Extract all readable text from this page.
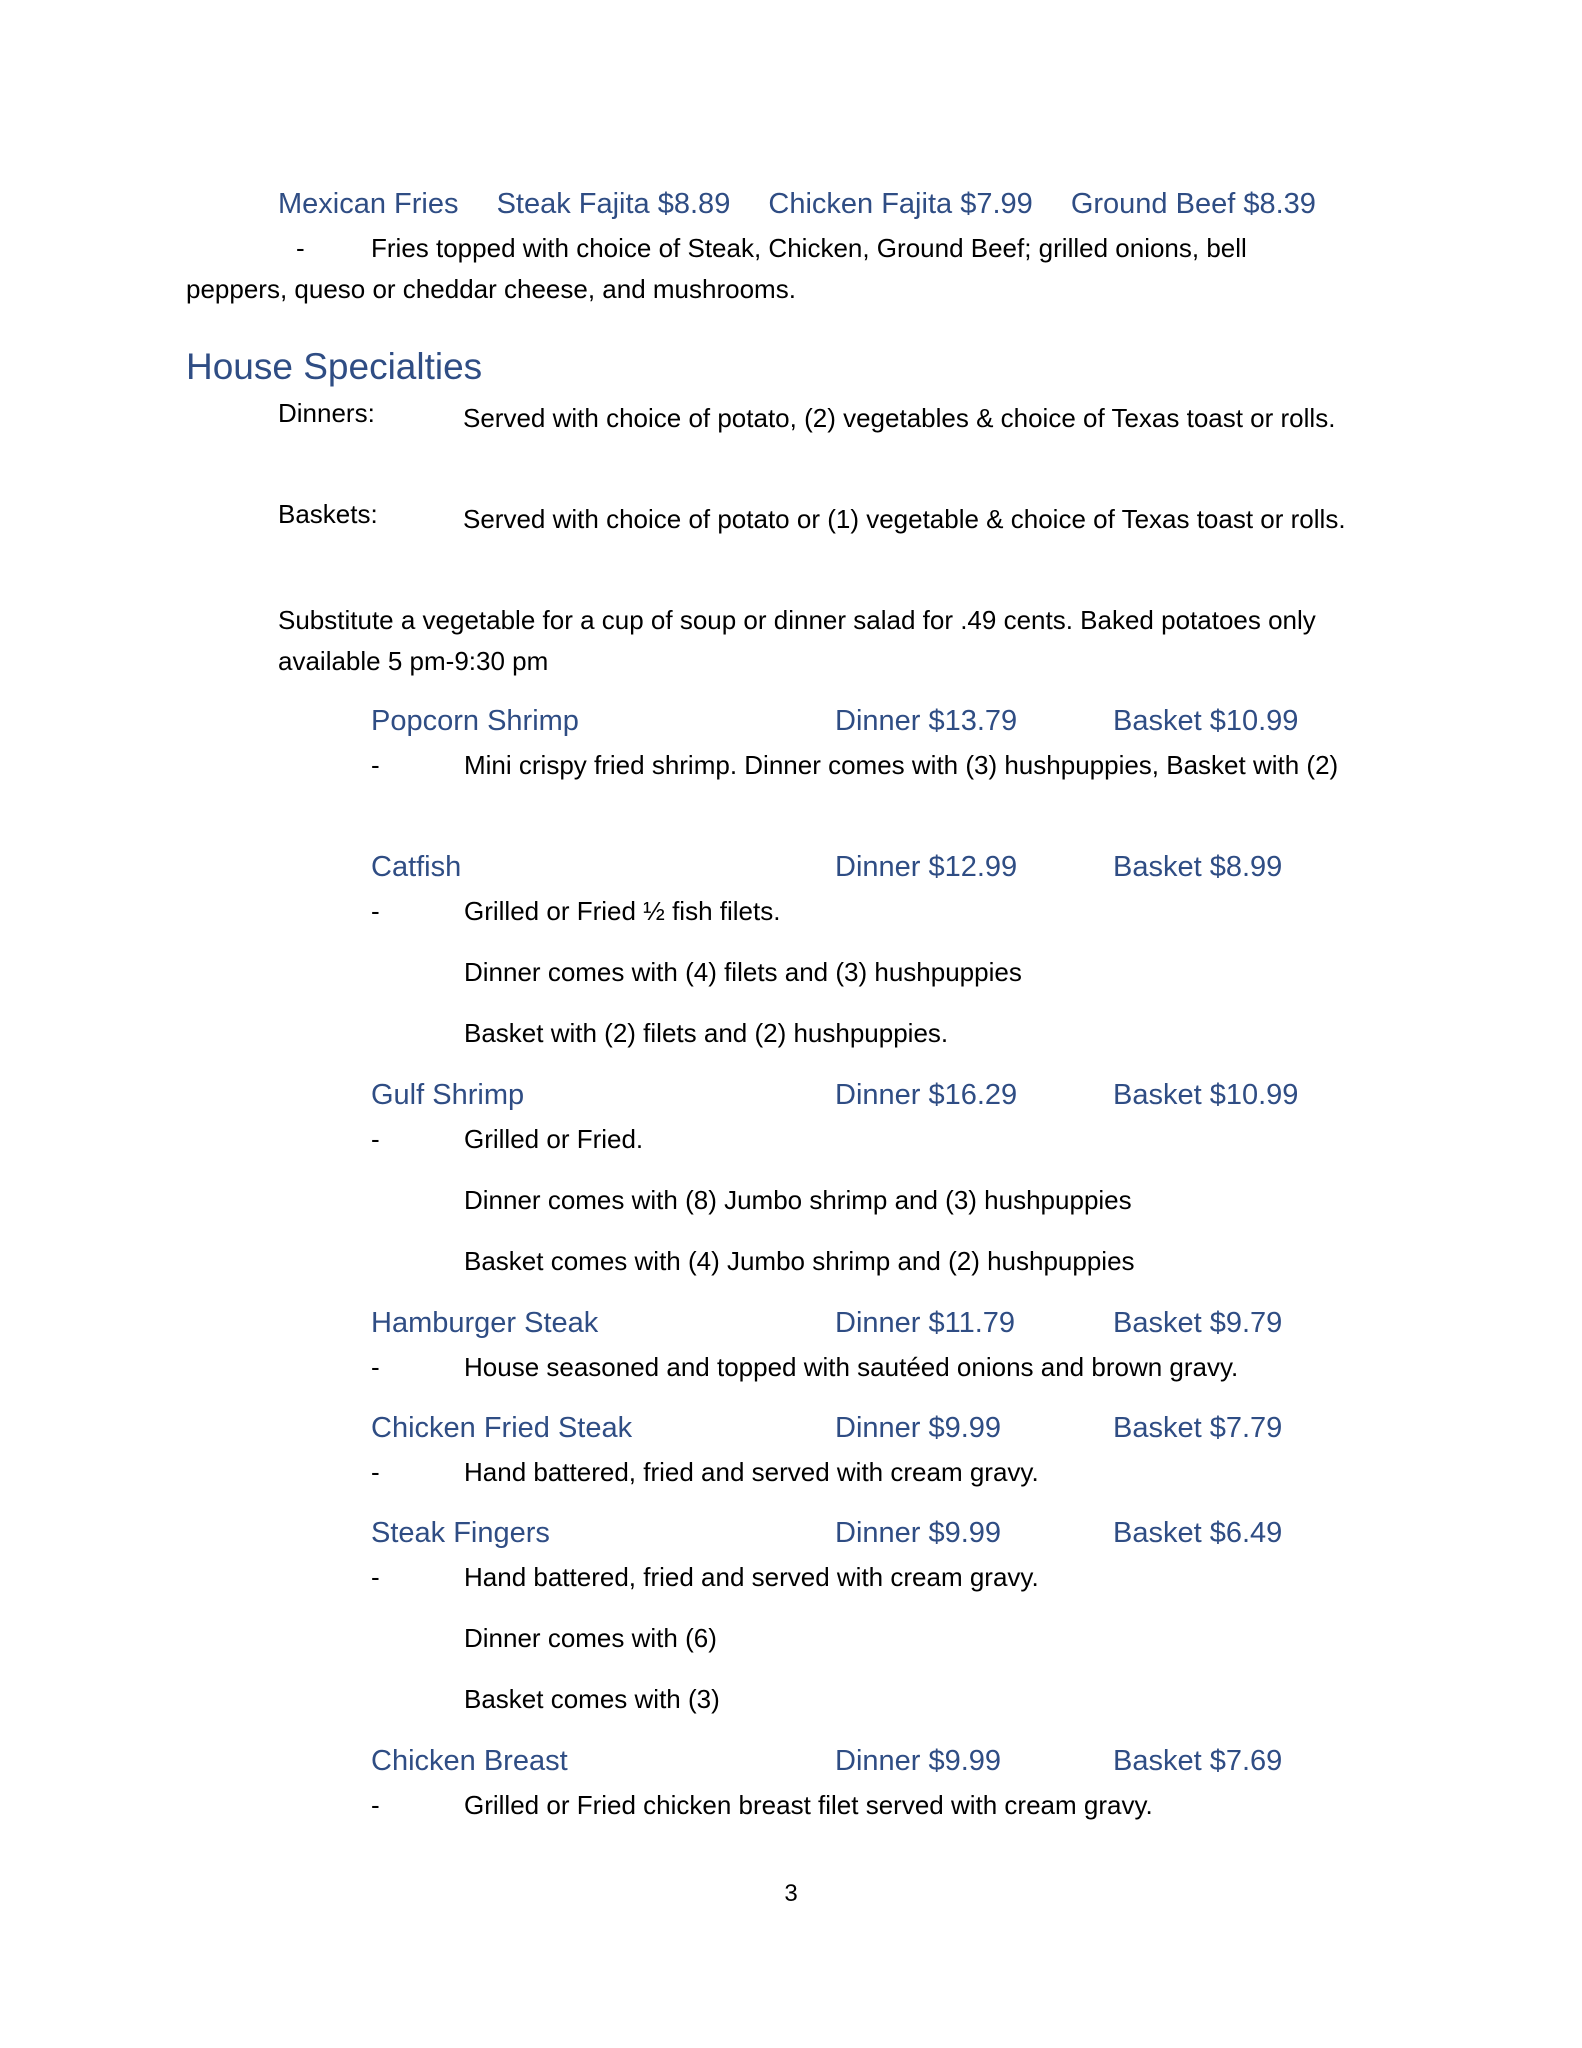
Mexican Fries Steak Fajita $8.89 Chicken Fajita $7.99 Ground Beef $8.39
-	Fries topped with choice of Steak, Chicken, Ground Beef; grilled onions, bell
peppers, queso or cheddar cheese, and mushrooms.
House Specialties
Dinners:	Served with choice of potato, (2) vegetables & choice of Texas toast or rolls.
Baskets:	Served with choice of potato or (1) vegetable & choice of Texas toast or rolls.
Substitute a vegetable for a cup of soup or dinner salad for .49 cents. Baked potatoes only available 5 pm-9:30 pm
Popcorn Shrimp	Dinner $13.79	Basket $10.99
-	Mini crispy fried shrimp. Dinner comes with (3) hushpuppies, Basket with (2)
Catfish	Dinner $12.99	Basket $8.99
-	Grilled or Fried ½ fish filets.
Dinner comes with (4) filets and (3) hushpuppies
Basket with (2) filets and (2) hushpuppies.
Gulf Shrimp	Dinner $16.29	Basket $10.99
-	Grilled or Fried.
Dinner comes with (8) Jumbo shrimp and (3) hushpuppies
Basket comes with (4) Jumbo shrimp and (2) hushpuppies
Hamburger Steak	Dinner $11.79	Basket $9.79
-	House seasoned and topped with sautéed onions and brown gravy.
Chicken Fried Steak	Dinner $9.99	Basket $7.79
-	Hand battered, fried and served with cream gravy.
Steak Fingers	Dinner $9.99	Basket $6.49
-	Hand battered, fried and served with cream gravy.
Dinner comes with (6)
Basket comes with (3)
Chicken Breast	Dinner $9.99	Basket $7.69
-	Grilled or Fried chicken breast filet served with cream gravy.
3
